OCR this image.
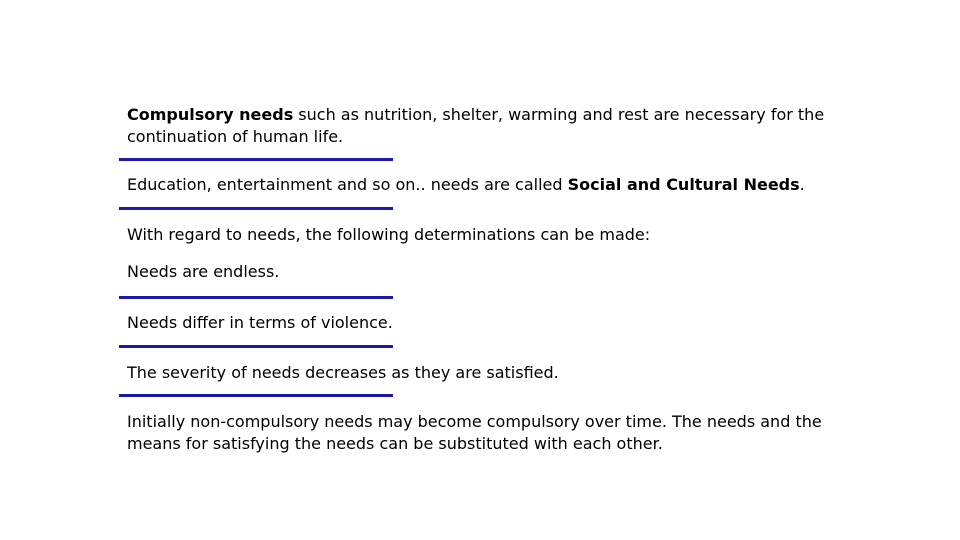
Compulsory needs such as nutrition, shelter, warming and rest are necessary for the continuation of human life.

Education, entertainment and so on.. needs are called Social and Cultural Needs.

With regard to needs, the following determinations can be made:

Needs are endless.

Needs differ in terms of violence.

The severity of needs decreases as they are satisfied.

Initially non-compulsory needs may become compulsory over time. The needs and the means for satisfying the needs can be substituted with each other.
